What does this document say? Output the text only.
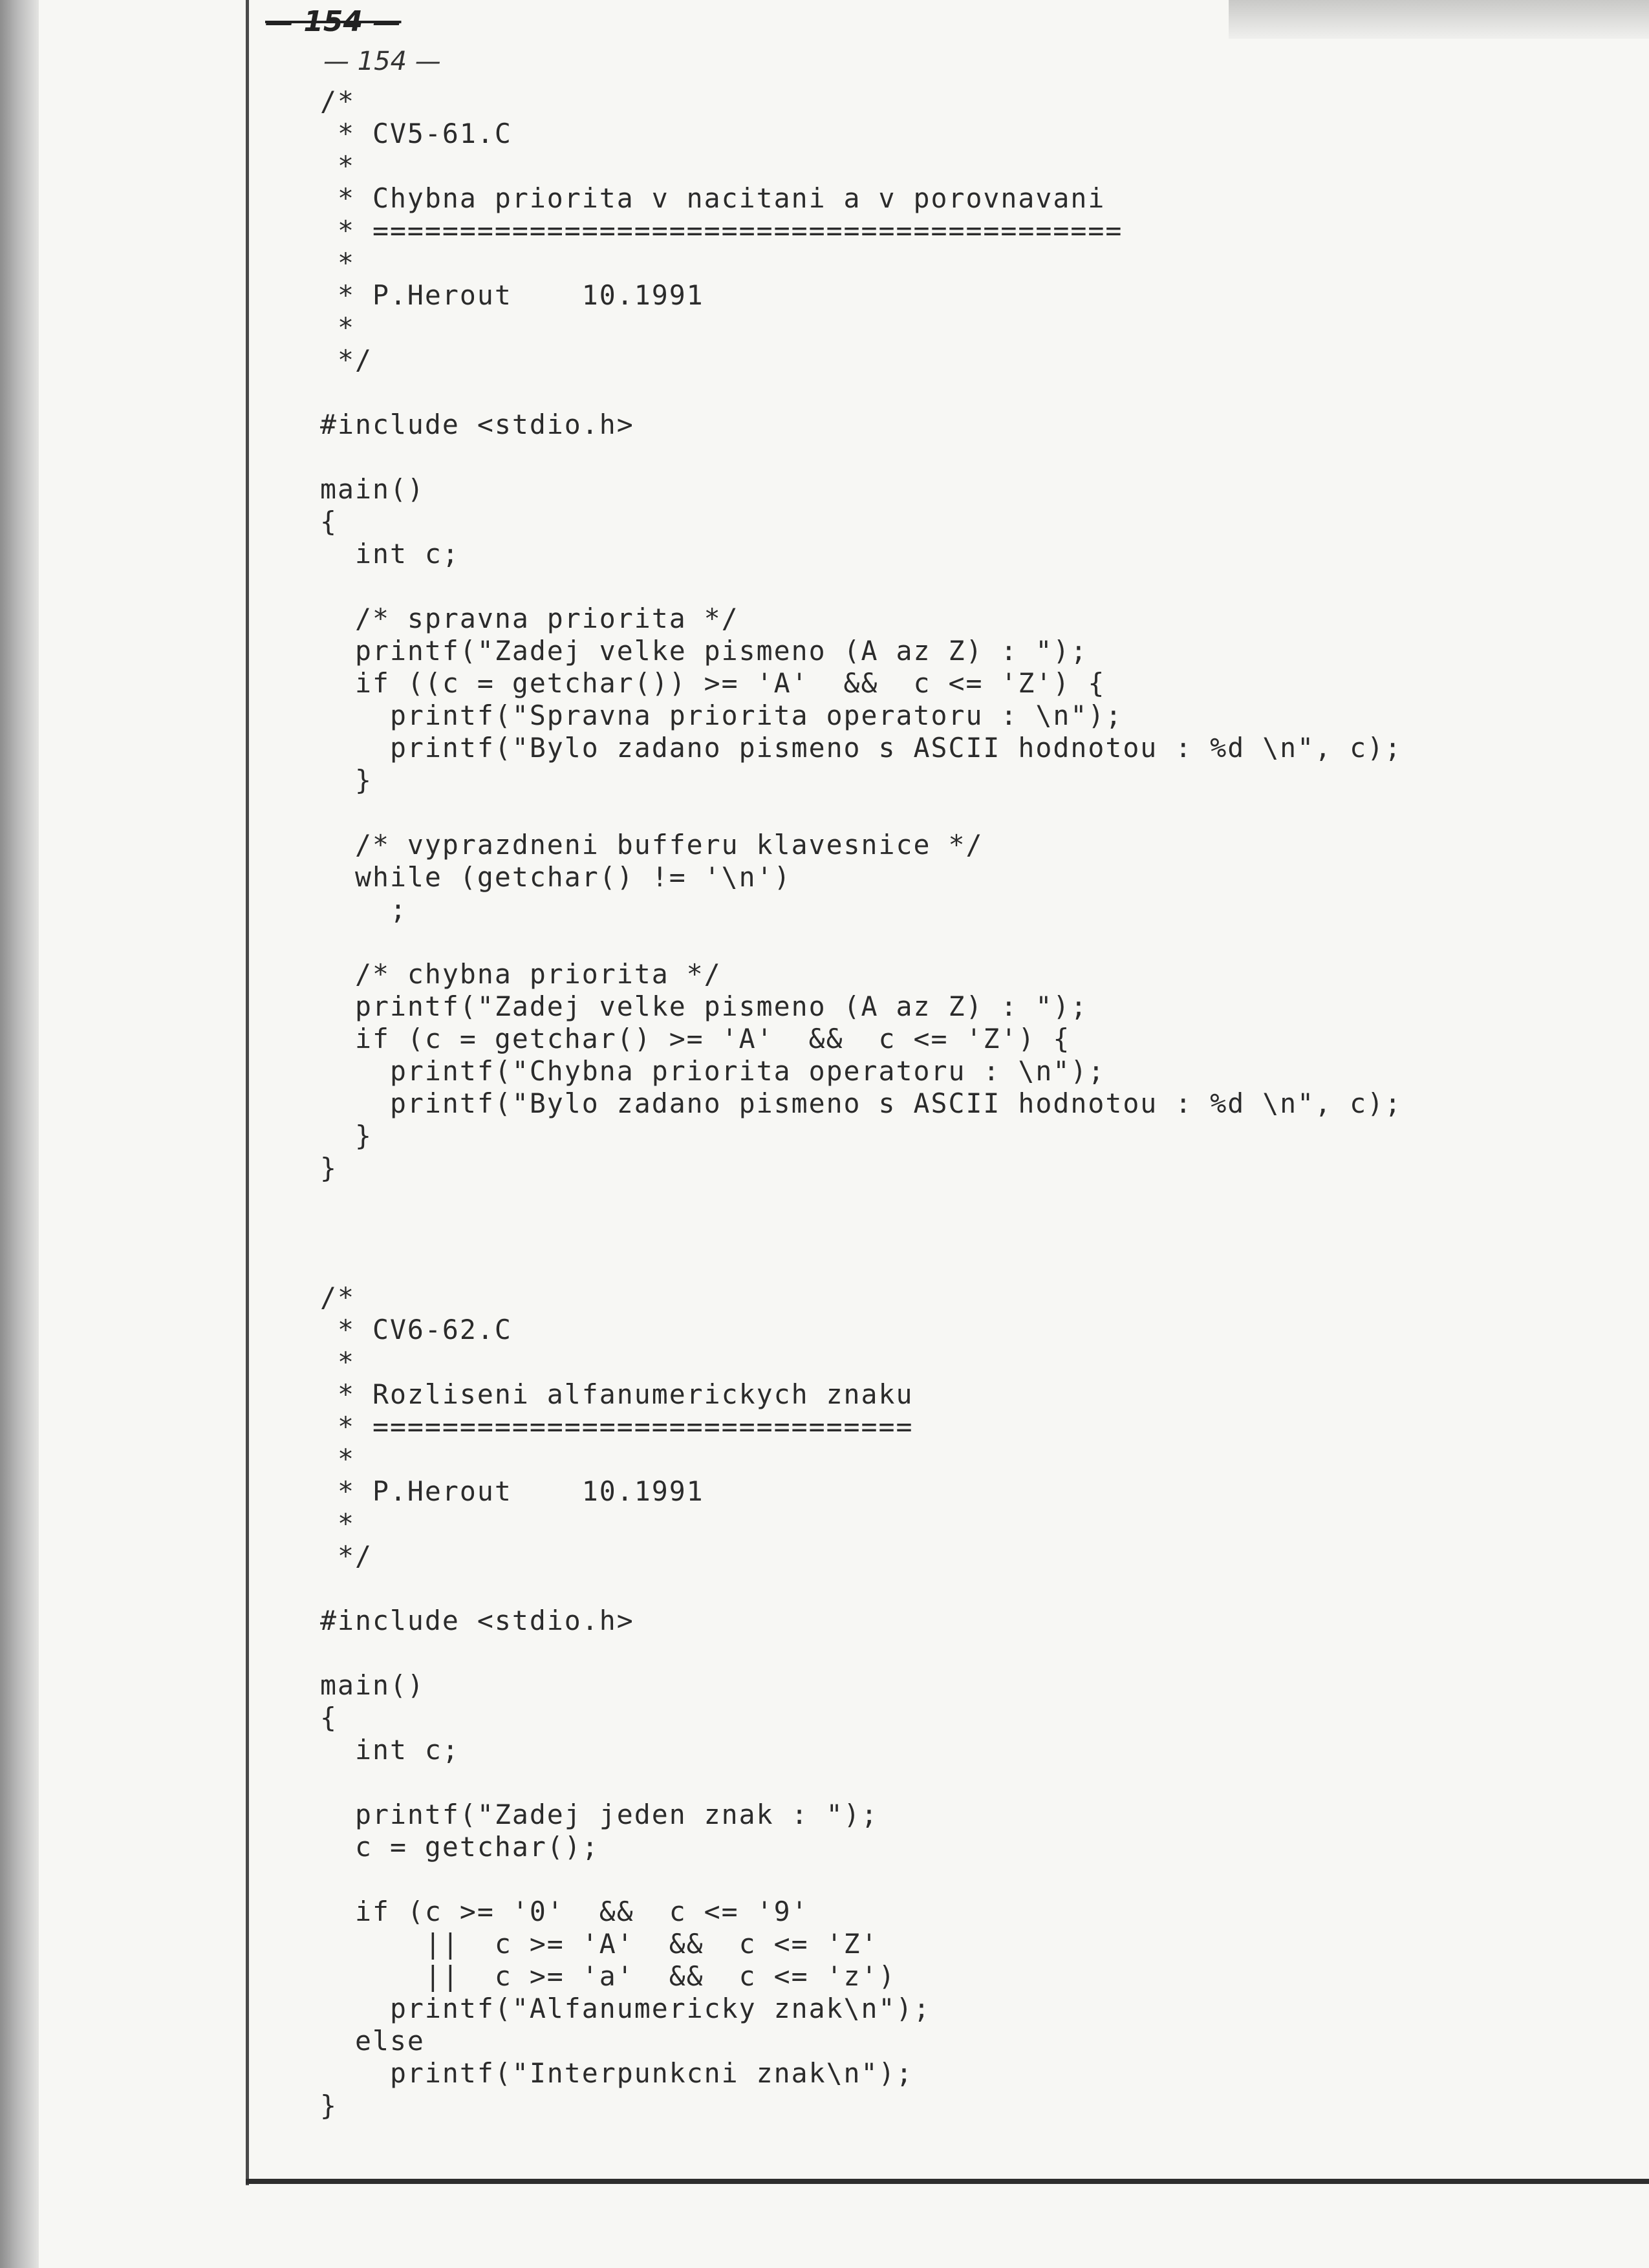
— 154 —
— 154 —
/*
* CV5-61.C
*
* Chybna priorita v nacitani a v porovnavani
* ===========================================
*
* P.Herout    10.1991
*
*/
#include <stdio.h>
main()
{
int c;
/* spravna priorita */
printf("Zadej velke pismeno (A az Z) : ");
if ((c = getchar()) >= 'A'  &&  c <= 'Z') {
printf("Spravna priorita operatoru : \n");
printf("Bylo zadano pismeno s ASCII hodnotou : %d \n", c);
}
/* vyprazdneni bufferu klavesnice */
while (getchar() != '\n')
;
/* chybna priorita */
printf("Zadej velke pismeno (A az Z) : ");
if (c = getchar() >= 'A'  &&  c <= 'Z') {
printf("Chybna priorita operatoru : \n");
printf("Bylo zadano pismeno s ASCII hodnotou : %d \n", c);
}
}
/*
* CV6-62.C
*
* Rozliseni alfanumerickych znaku
* ===============================
*
* P.Herout    10.1991
*
*/
#include <stdio.h>
main()
{
int c;
printf("Zadej jeden znak : ");
c = getchar();
if (c >= '0'  &&  c <= '9'
||  c >= 'A'  &&  c <= 'Z'
||  c >= 'a'  &&  c <= 'z')
printf("Alfanumericky znak\n");
else
printf("Interpunkcni znak\n");
}
